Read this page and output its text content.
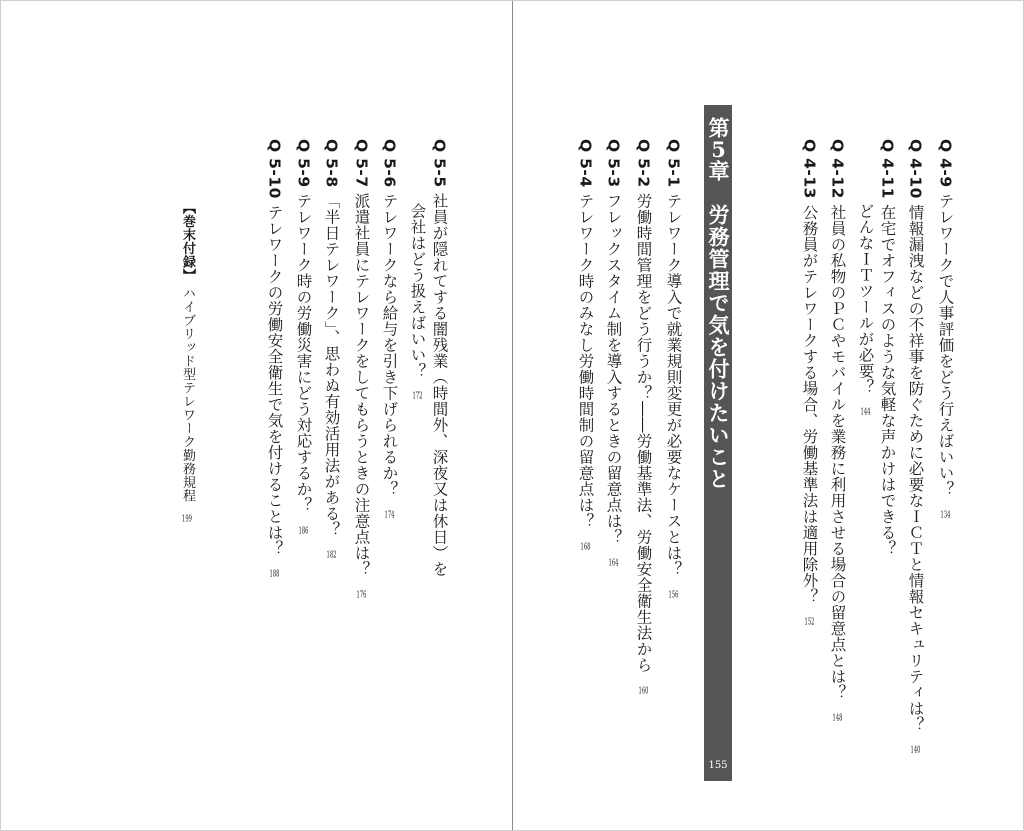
Q 4-9 テレワークで人事評価をどう行えばいい？ 134
Q 4-10 情報漏洩などの不祥事を防ぐために必要なＩＣＴと情報セキュリティは？ 140
Q 4-11 在宅でオフィスのような気軽な声かけはできる？
どんなＩＴツールが必要？ 144
Q 4-12 社員の私物のＰＣやモバイルを業務に利用させる場合の留意点とは？ 148
Q 4-13 公務員がテレワークする場合、労働基準法は適用除外？ 152
第5章　労務管理で気を付けたいこと
155
Q 5-1 テレワーク導入で就業規則変更が必要なケースとは？ 156
Q 5-2 労働時間管理をどう行うか？――労働基準法、労働安全衛生法から 160
Q 5-3 フレックスタイム制を導入するときの留意点は？ 164
Q 5-4 テレワーク時のみなし労働時間制の留意点は？ 168
Q 5-5 社員が隠れてする闇残業（時間外、深夜又は休日）を
会社はどう扱えばいい？ 172
Q 5-6 テレワークなら給与を引き下げられるか？ 174
Q 5-7 派遣社員にテレワークをしてもらうときの注意点は？ 176
Q 5-8 「半日テレワーク」、思わぬ有効活用法がある？ 182
Q 5-9 テレワーク時の労働災害にどう対応するか？ 186
Q 5-10 テレワークの労働安全衛生で気を付けることは？ 188
【巻末付録】 ハイブリッド型テレワーク勤務規程 199
